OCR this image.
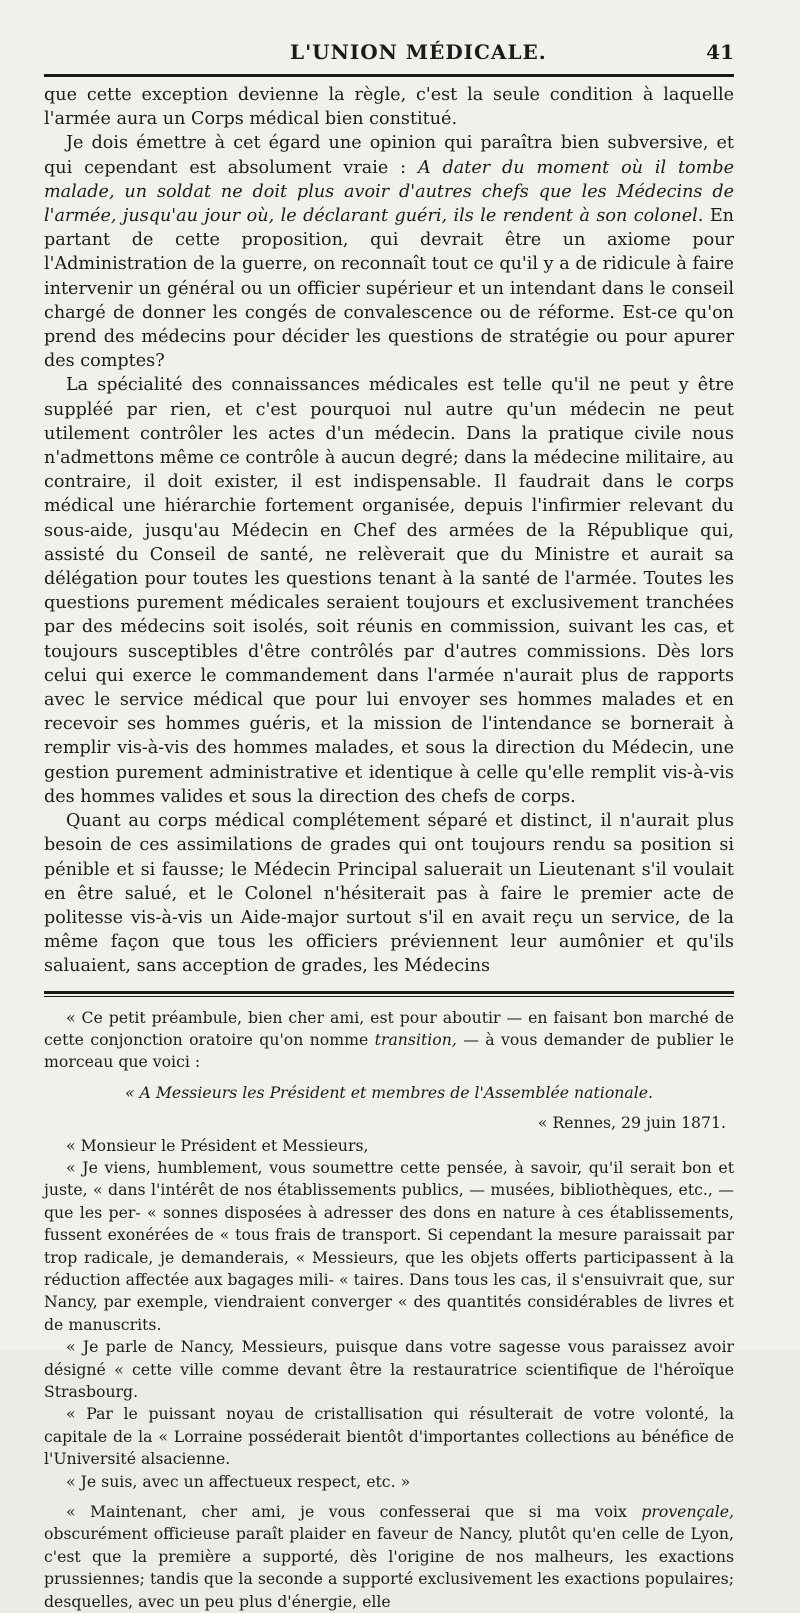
L'UNION MÉDICALE.	41

que cette exception devienne la règle, c'est la seule condition à laquelle l'armée aura un Corps médical bien constitué.

Je dois émettre à cet égard une opinion qui paraîtra bien subversive, et qui cependant est absolument vraie : A dater du moment où il tombe malade, un soldat ne doit plus avoir d'autres chefs que les Médecins de l'armée, jusqu'au jour où, le déclarant guéri, ils le rendent à son colonel. En partant de cette proposition, qui devrait être un axiome pour l'Administration de la guerre, on reconnaît tout ce qu'il y a de ridicule à faire intervenir un général ou un officier supérieur et un intendant dans le conseil chargé de donner les congés de convalescence ou de réforme. Est-ce qu'on prend des médecins pour décider les questions de stratégie ou pour apurer des comptes?

La spécialité des connaissances médicales est telle qu'il ne peut y être suppléé par rien, et c'est pourquoi nul autre qu'un médecin ne peut utilement contrôler les actes d'un médecin. Dans la pratique civile nous n'admettons même ce contrôle à aucun degré; dans la médecine militaire, au contraire, il doit exister, il est indispensable. Il faudrait dans le corps médical une hiérarchie fortement organisée, depuis l'infirmier relevant du sous-aide, jusqu'au Médecin en Chef des armées de la République qui, assisté du Conseil de santé, ne relèverait que du Ministre et aurait sa délégation pour toutes les questions tenant à la santé de l'armée. Toutes les questions purement médicales seraient toujours et exclusivement tranchées par des médecins soit isolés, soit réunis en commission, suivant les cas, et toujours susceptibles d'être contrôlés par d'autres commissions. Dès lors celui qui exerce le commandement dans l'armée n'aurait plus de rapports avec le service médical que pour lui envoyer ses hommes malades et en recevoir ses hommes guéris, et la mission de l'intendance se bornerait à remplir vis-à-vis des hommes malades, et sous la direction du Médecin, une gestion purement administrative et identique à celle qu'elle remplit vis-à-vis des hommes valides et sous la direction des chefs de corps.

Quant au corps médical complétement séparé et distinct, il n'aurait plus besoin de ces assimilations de grades qui ont toujours rendu sa position si pénible et si fausse; le Médecin Principal saluerait un Lieutenant s'il voulait en être salué, et le Colonel n'hésiterait pas à faire le premier acte de politesse vis-à-vis un Aide-major surtout s'il en avait reçu un service, de la même façon que tous les officiers préviennent leur aumônier et qu'ils saluaient, sans acception de grades, les Médecins

« Ce petit préambule, bien cher ami, est pour aboutir — en faisant bon marché de cette conjonction oratoire qu'on nomme transition, — à vous demander de publier le morceau que voici :

« A Messieurs les Président et membres de l'Assemblée nationale.

« Rennes, 29 juin 1871.

« Monsieur le Président et Messieurs,

« Je viens, humblement, vous soumettre cette pensée, à savoir, qu'il serait bon et juste, « dans l'intérêt de nos établissements publics, — musées, bibliothèques, etc., — que les per- « sonnes disposées à adresser des dons en nature à ces établissements, fussent exonérées de « tous frais de transport. Si cependant la mesure paraissait par trop radicale, je demanderais, « Messieurs, que les objets offerts participassent à la réduction affectée aux bagages mili- « taires. Dans tous les cas, il s'ensuivrait que, sur Nancy, par exemple, viendraient converger « des quantités considérables de livres et de manuscrits.

« Je parle de Nancy, Messieurs, puisque dans votre sagesse vous paraissez avoir désigné « cette ville comme devant être la restauratrice scientifique de l'héroïque Strasbourg.

« Par le puissant noyau de cristallisation qui résulterait de votre volonté, la capitale de la « Lorraine posséderait bientôt d'importantes collections au bénéfice de l'Université alsacienne.

« Je suis, avec un affectueux respect, etc. »

« Maintenant, cher ami, je vous confesserai que si ma voix provençale, obscurément officieuse paraît plaider en faveur de Nancy, plutôt qu'en celle de Lyon, c'est que la première a supporté, dès l'origine de nos malheurs, les exactions prussiennes; tandis que la seconde a supporté exclusivement les exactions populaires; desquelles, avec un peu plus d'énergie, elle
